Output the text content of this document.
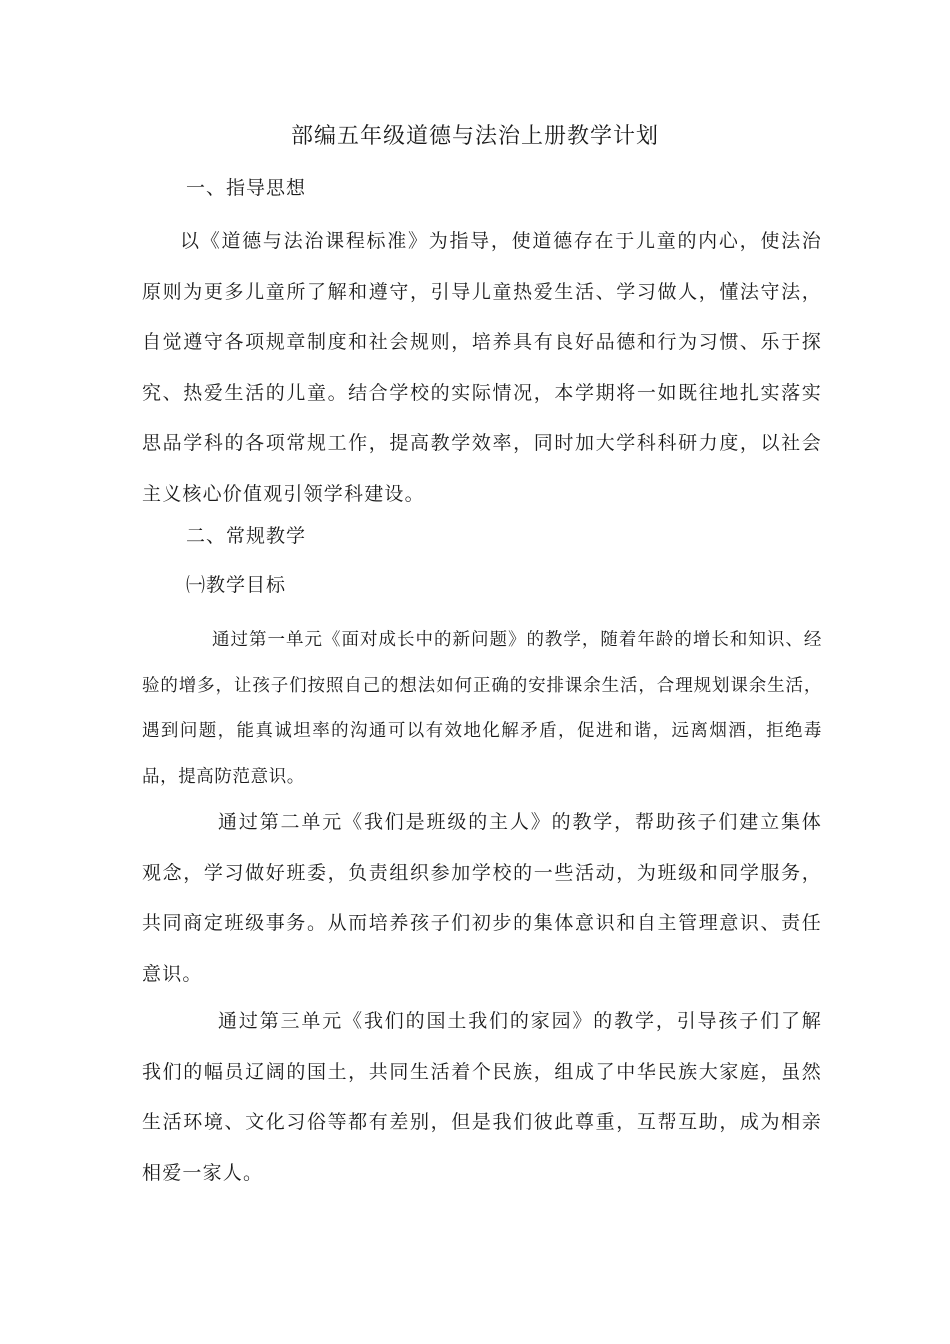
部编五年级道德与法治上册教学计划
一、指导思想
以《道德与法治课程标准》为指导，使道德存在于儿童的内心，使法治原则为更多儿童所了解和遵守，引导儿童热爱生活、学习做人，懂法守法，自觉遵守各项规章制度和社会规则，培养具有良好品德和行为习惯、乐于探究、热爱生活的儿童。结合学校的实际情况，本学期将一如既往地扎实落实思品学科的各项常规工作，提高教学效率，同时加大学科科研力度，以社会主义核心价值观引领学科建设。
二、常规教学
㈠教学目标
通过第一单元《面对成长中的新问题》的教学，随着年龄的增长和知识、经验的增多，让孩子们按照自己的想法如何正确的安排课余生活，合理规划课余生活，遇到问题，能真诚坦率的沟通可以有效地化解矛盾，促进和谐，远离烟酒，拒绝毒品，提高防范意识。
通过第二单元《我们是班级的主人》的教学，帮助孩子们建立集体观念，学习做好班委，负责组织参加学校的一些活动，为班级和同学服务，共同商定班级事务。从而培养孩子们初步的集体意识和自主管理意识、责任意识。
通过第三单元《我们的国土我们的家园》的教学，引导孩子们了解我们的幅员辽阔的国土，共同生活着个民族，组成了中华民族大家庭，虽然生活环境、文化习俗等都有差别，但是我们彼此尊重，互帮互助，成为相亲相爱一家人。
